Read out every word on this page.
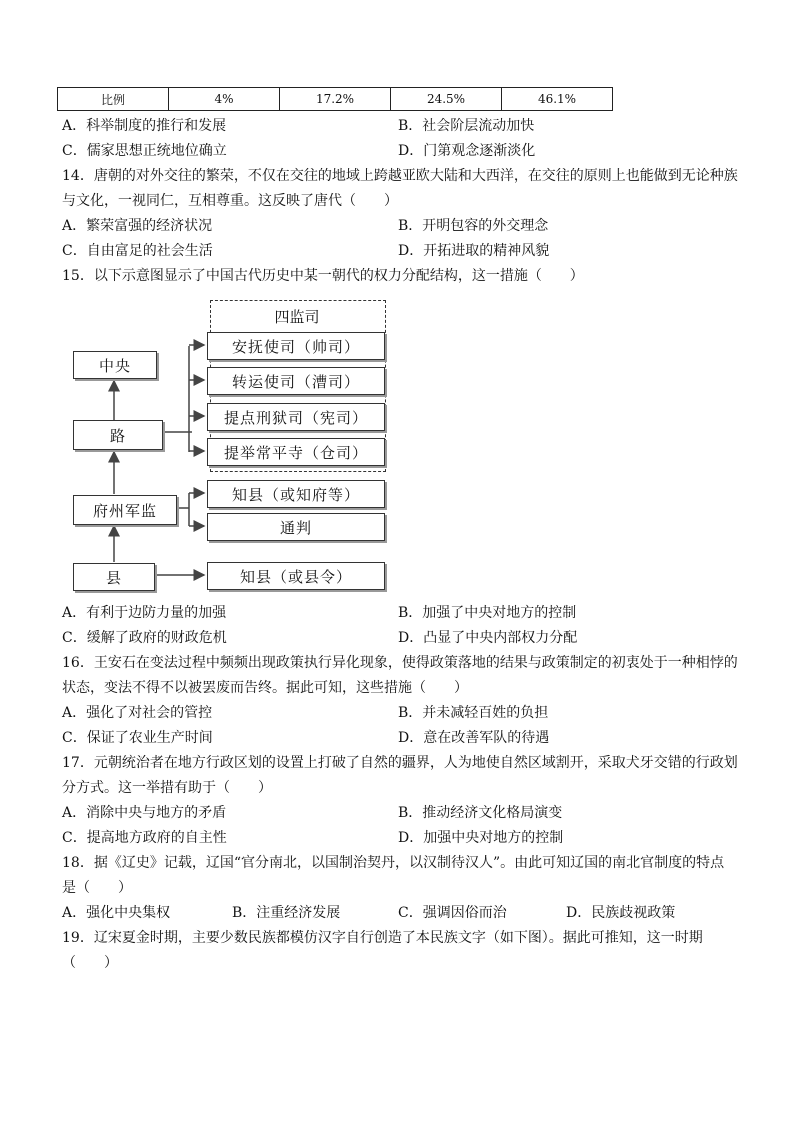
比例	4%	17.2%	24.5%	46.1%
A．科举制度的推行和发展	B．社会阶层流动加快
C．儒家思想正统地位确立	D．门第观念逐渐淡化
14．唐朝的对外交往的繁荣，不仅在交往的地域上跨越亚欧大陆和大西洋，在交往的原则上也能做到无论种族
与文化，一视同仁，互相尊重。这反映了唐代（　　）
A．繁荣富强的经济状况	B．开明包容的外交理念
C．自由富足的社会生活	D．开拓进取的精神风貌
15．以下示意图显示了中国古代历史中某一朝代的权力分配结构，这一措施（　　）
四监司
中央
路
府州军监
县
安抚使司（帅司）
转运使司（漕司）
提点刑狱司（宪司）
提举常平寺（仓司）
知县（或知府等）
通判
知县（或县令）
A．有利于边防力量的加强	B．加强了中央对地方的控制
C．缓解了政府的财政危机	D．凸显了中央内部权力分配
16．王安石在变法过程中频频出现政策执行异化现象，使得政策落地的结果与政策制定的初衷处于一种相悖的
状态，变法不得不以被罢废而告终。据此可知，这些措施（　　）
A．强化了对社会的管控	B．并未减轻百姓的负担
C．保证了农业生产时间	D．意在改善军队的待遇
17．元朝统治者在地方行政区划的设置上打破了自然的疆界，人为地使自然区域割开，采取犬牙交错的行政划
分方式。这一举措有助于（　　）
A．消除中央与地方的矛盾	B．推动经济文化格局演变
C．提高地方政府的自主性	D．加强中央对地方的控制
18．据《辽史》记载，辽国“官分南北，以国制治契丹，以汉制待汉人”。由此可知辽国的南北官制度的特点
是（　　）
A．强化中央集权	B．注重经济发展	C．强调因俗而治	D．民族歧视政策
19．辽宋夏金时期，主要少数民族都模仿汉字自行创造了本民族文字（如下图）。据此可推知，这一时期
（　　）
